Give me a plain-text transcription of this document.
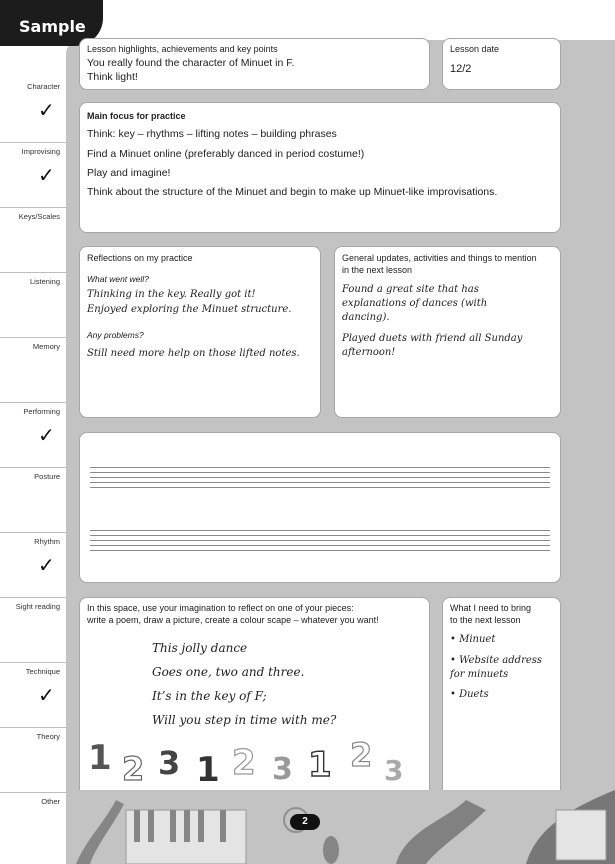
Sample
Character
✓
Improvising
✓
Keys/Scales
Listening
Memory
Performing
✓
Posture
Rhythm
✓
Sight reading
Technique
✓
Theory
Other
Lesson highlights, achievements and key points
You really found the character of Minuet in F.
Think light!
Lesson date
12/2
Main focus for practice
Think: key – rhythms – lifting notes – building phrases
Find a Minuet online (preferably danced in period costume!)
Play and imagine!
Think about the structure of the Minuet and begin to make up Minuet-like improvisations.
Reflections on my practice
What went well?
Thinking in the key. Really got it!
Enjoyed exploring the Minuet structure.
Any problems?
Still need more help on those lifted notes.
General updates, activities and things to mention
in the next lesson
Found a great site that has
explanations of dances (with
dancing).
Played duets with friend all Sunday
afternoon!
In this space, use your imagination to reflect on one of your pieces:
write a poem, draw a picture, create a colour scape – whatever you want!
This jolly dance
Goes one, two and three.
It’s in the key of F;
Will you step in time with me?
1 2 3 1 2 3 1 2 3
What I need to bring
to the next lesson
• Minuet
• Website address
for minuets
• Duets
2
